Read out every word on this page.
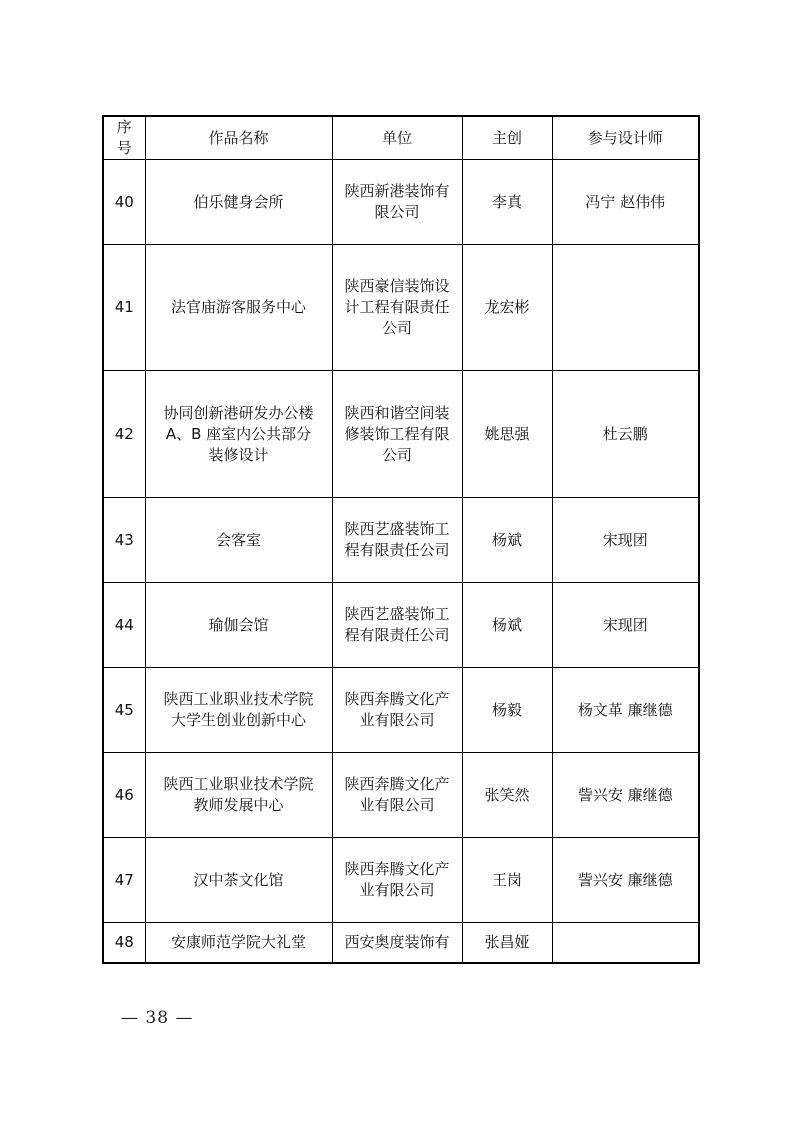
序
号	作品名称	单位	主创	参与设计师

40	伯乐健身会所	陕西新港装饰有
限公司	李真	冯宁 赵伟伟
41	法官庙游客服务中心	陕西豪信装饰设
计工程有限责任
公司	龙宏彬	
42	协同创新港研发办公楼
A、B 座室内公共部分
装修设计	陕西和谐空间装
修装饰工程有限
公司	姚思强	杜云鹏
43	会客室	陕西艺盛装饰工
程有限责任公司	杨斌	宋现团
44	瑜伽会馆	陕西艺盛装饰工
程有限责任公司	杨斌	宋现团
45	陕西工业职业技术学院
大学生创业创新中心	陕西奔腾文化产
业有限公司	杨毅	杨文革 廉继德
46	陕西工业职业技术学院
教师发展中心	陕西奔腾文化产
业有限公司	张笑然	訾兴安 廉继德
47	汉中茶文化馆	陕西奔腾文化产
业有限公司	王岗	訾兴安 廉继德
48	安康师范学院大礼堂	西安奥度装饰有	张昌娅	
— 38 —
